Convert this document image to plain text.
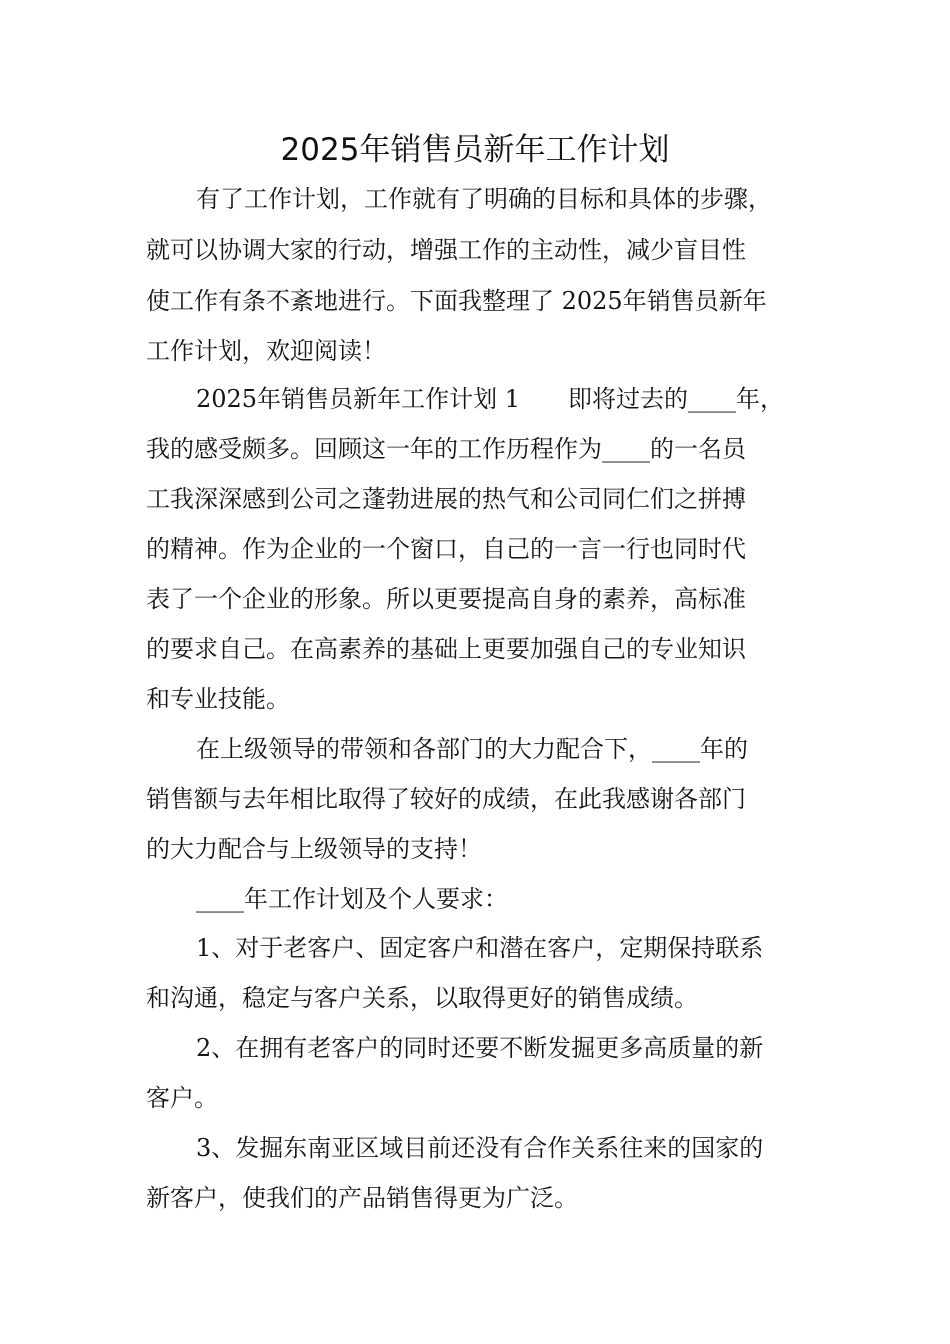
2025年销售员新年工作计划
有了工作计划，工作就有了明确的目标和具体的步骤，
就可以协调大家的行动，增强工作的主动性，减少盲目性
使工作有条不紊地进行。下面我整理了 2025年销售员新年
工作计划，欢迎阅读！
2025年销售员新年工作计划 1　　即将过去的____年，
我的感受颇多。回顾这一年的工作历程作为____的一名员
工我深深感到公司之蓬勃进展的热气和公司同仁们之拼搏
的精神。作为企业的一个窗口，自己的一言一行也同时代
表了一个企业的形象。所以更要提高自身的素养，高标准
的要求自己。在高素养的基础上更要加强自己的专业知识
和专业技能。
在上级领导的带领和各部门的大力配合下，____年的
销售额与去年相比取得了较好的成绩，在此我感谢各部门
的大力配合与上级领导的支持！
____年工作计划及个人要求：
1、对于老客户、固定客户和潜在客户，定期保持联系
和沟通，稳定与客户关系，以取得更好的销售成绩。
2、在拥有老客户的同时还要不断发掘更多高质量的新
客户。
3、发掘东南亚区域目前还没有合作关系往来的国家的
新客户，使我们的产品销售得更为广泛。
